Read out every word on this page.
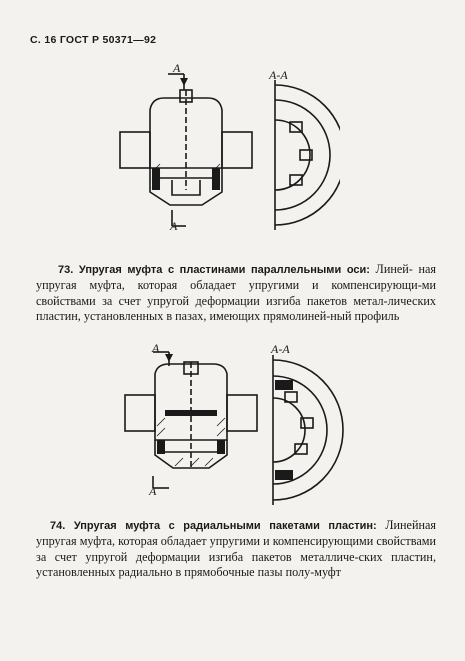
С. 16 ГОСТ Р 50371—92
A
A
А-А
73. Упругая муфта с пластинами параллельными оси: Линей- ная упругая муфта, которая обладает упругими и компенсирующи-ми свойствами за счет упругой деформации изгиба пакетов метал-лических пластин, установленных в пазах, имеющих прямолиней-ный профиль
A
A
А-А
74. Упругая муфта с радиальными пакетами пластин: Линейная упругая муфта, которая обладает упругими и компенсирующими свойствами за счет упругой деформации изгиба пакетов металличе-ских пластин, установленных радиально в прямобочные пазы полу-муфт
